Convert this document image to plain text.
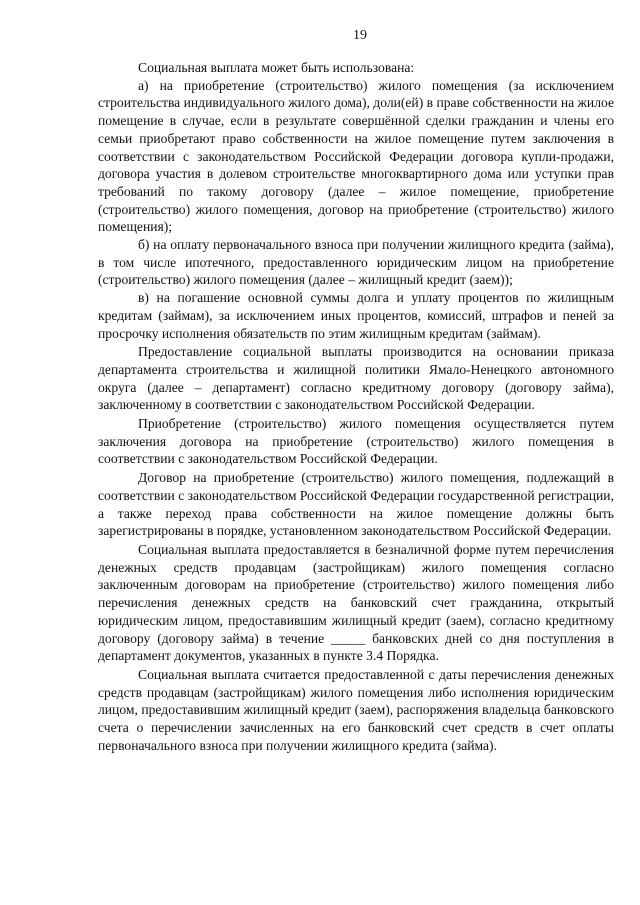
19

Социальная выплата может быть использована:

а) на приобретение (строительство) жилого помещения (за исключением строительства индивидуального жилого дома), доли(ей) в праве собственности на жилое помещение в случае, если в результате совершённой сделки гражданин и члены его семьи приобретают право собственности на жилое помещение путем заключения в соответствии с законодательством Российской Федерации договора купли-продажи, договора участия в долевом строительстве многоквартирного дома или уступки прав требований по такому договору (далее – жилое помещение, приобретение (строительство) жилого помещения, договор на приобретение (строительство) жилого помещения);

б) на оплату первоначального взноса при получении жилищного кредита (займа), в том числе ипотечного, предоставленного юридическим лицом на приобретение (строительство) жилого помещения (далее – жилищный кредит (заем));

в) на погашение основной суммы долга и уплату процентов по жилищным кредитам (займам), за исключением иных процентов, комиссий, штрафов и пеней за просрочку исполнения обязательств по этим жилищным кредитам (займам).

Предоставление социальной выплаты производится на основании приказа департамента строительства и жилищной политики Ямало-Ненецкого автономного округа (далее – департамент) согласно кредитному договору (договору займа), заключенному в соответствии с законодательством Российской Федерации.

Приобретение (строительство) жилого помещения осуществляется путем заключения договора на приобретение (строительство) жилого помещения в соответствии с законодательством Российской Федерации.

Договор на приобретение (строительство) жилого помещения, подлежащий в соответствии с законодательством Российской Федерации государственной регистрации, а также переход права собственности на жилое помещение должны быть зарегистрированы в порядке, установленном законодательством Российской Федерации.

Социальная выплата предоставляется в безналичной форме путем перечисления денежных средств продавцам (застройщикам) жилого помещения согласно заключенным договорам на приобретение (строительство) жилого помещения либо перечисления денежных средств на банковский счет гражданина, открытый юридическим лицом, предоставившим жилищный кредит (заем), согласно кредитному договору (договору займа) в течение _____ банковских дней со дня поступления в департамент документов, указанных в пункте 3.4 Порядка.

Социальная выплата считается предоставленной с даты перечисления денежных средств продавцам (застройщикам) жилого помещения либо исполнения юридическим лицом, предоставившим жилищный кредит (заем), распоряжения владельца банковского счета о перечислении зачисленных на его банковский счет средств в счет оплаты первоначального взноса при получении жилищного кредита (займа).
